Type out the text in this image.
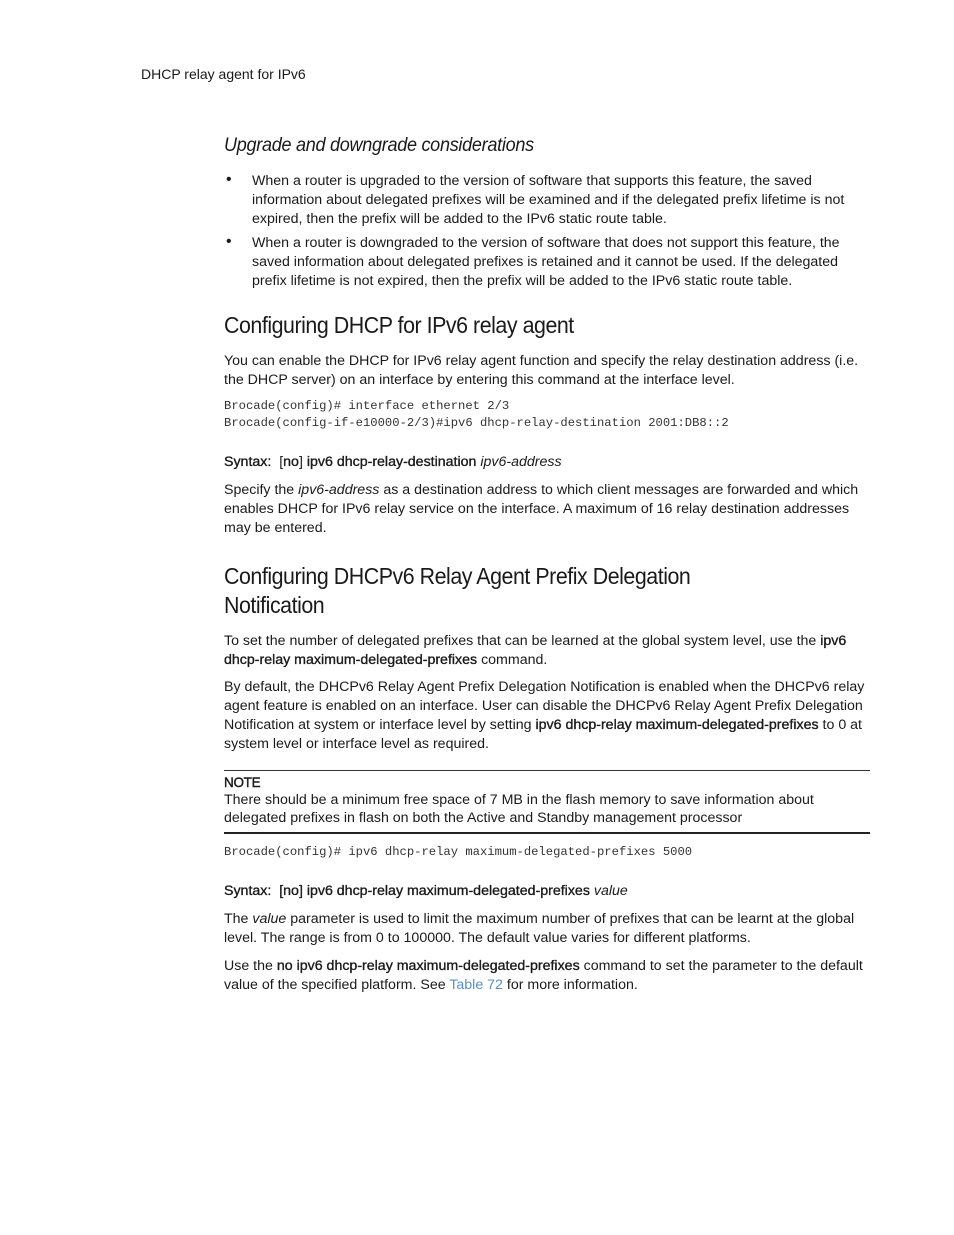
DHCP relay agent for IPv6
Upgrade and downgrade considerations
• When a router is upgraded to the version of software that supports this feature, the saved information about delegated prefixes will be examined and if the delegated prefix lifetime is not expired, then the prefix will be added to the IPv6 static route table.
• When a router is downgraded to the version of software that does not support this feature, the saved information about delegated prefixes is retained and it cannot be used. If the delegated prefix lifetime is not expired, then the prefix will be added to the IPv6 static route table.
Configuring DHCP for IPv6 relay agent

You can enable the DHCP for IPv6 relay agent function and specify the relay destination address (i.e. the DHCP server) on an interface by entering this command at the interface level.

Brocade(config)# interface ethernet 2/3
Brocade(config-if-e10000-2/3)#ipv6 dhcp-relay-destination 2001:DB8::2

Syntax: [no] ipv6 dhcp-relay-destination ipv6-address

Specify the ipv6-address as a destination address to which client messages are forwarded and which enables DHCP for IPv6 relay service on the interface. A maximum of 16 relay destination addresses may be entered.

Configuring DHCPv6 Relay Agent Prefix Delegation
Notification

To set the number of delegated prefixes that can be learned at the global system level, use the ipv6 dhcp-relay maximum-delegated-prefixes command.

By default, the DHCPv6 Relay Agent Prefix Delegation Notification is enabled when the DHCPv6 relay agent feature is enabled on an interface. User can disable the DHCPv6 Relay Agent Prefix Delegation Notification at system or interface level by setting ipv6 dhcp-relay maximum-delegated-prefixes to 0 at system level or interface level as required.

NOTE
There should be a minimum free space of 7 MB in the flash memory to save information about delegated prefixes in flash on both the Active and Standby management processor
Brocade(config)# ipv6 dhcp-relay maximum-delegated-prefixes 5000

Syntax: [no] ipv6 dhcp-relay maximum-delegated-prefixes value

The value parameter is used to limit the maximum number of prefixes that can be learnt at the global level. The range is from 0 to 100000. The default value varies for different platforms.

Use the no ipv6 dhcp-relay maximum-delegated-prefixes command to set the parameter to the default value of the specified platform. See Table 72 for more information.
